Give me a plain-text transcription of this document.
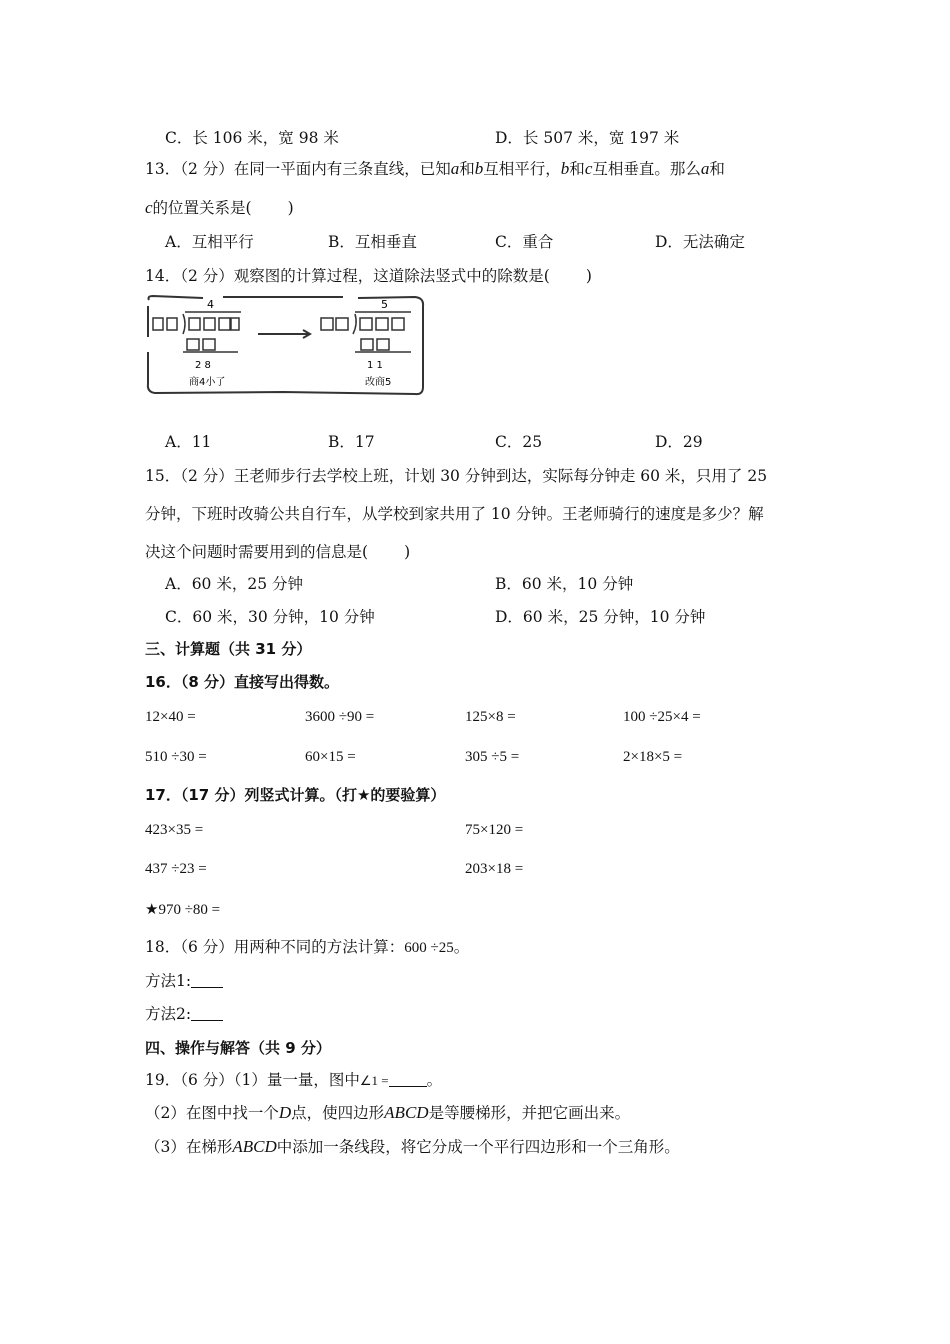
C．长 106 米，宽 98 米	D．长 507 米，宽 197 米
13．（2 分）在同一平面内有三条直线，已知a和b互相平行，b和c互相垂直。那么a和
c的位置关系是( )
A．互相平行	B．互相垂直	C．重合	D．无法确定
14．（2 分）观察图的计算过程，这道除法竖式中的除数是( )
4
2 8
商4小了
5
1 1
改商5
A．11	B．17	C．25	D．29
15．（2 分）王老师步行去学校上班，计划 30 分钟到达，实际每分钟走 60 米，只用了 25
分钟，下班时改骑公共自行车，从学校到家共用了 10 分钟。王老师骑行的速度是多少？解
决这个问题时需要用到的信息是( )
A．60 米，25 分钟	B．60 米，10 分钟
C．60 米，30 分钟，10 分钟	D．60 米，25 分钟，10 分钟
三、计算题（共 31 分）
16．（8 分）直接写出得数。
12×40 =	3600 ÷90 =	125×8 =	100 ÷25×4 =
510 ÷30 =	60×15 =	305 ÷5 =	2×18×5 =
17．（17 分）列竖式计算。（打★的要验算）
423×35 =	75×120 =
437 ÷23 =	203×18 =
★970 ÷80 =
18．（6 分）用两种不同的方法计算：600 ÷25。
方法1:
方法2:
四、操作与解答（共 9 分）
19．（6 分）（1）量一量，图中∠1 = 。
（2）在图中找一个D点，使四边形ABCD是等腰梯形，并把它画出来。
（3）在梯形ABCD中添加一条线段，将它分成一个平行四边形和一个三角形。
